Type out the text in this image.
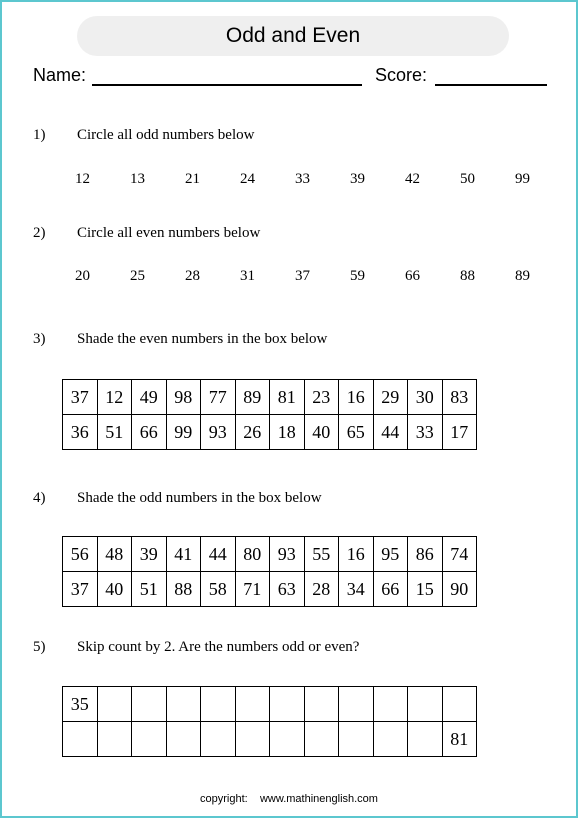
Odd and Even
Name:	Score:
1) Circle all odd numbers below
12	13	21	24	33	39	42	50	99
2) Circle all even numbers below
20	25	28	31	37	59	66	88	89
3) Shade the even numbers in the box below
37	12	49	98	77	89	81	23	16	29	30	83
36	51	66	99	93	26	18	40	65	44	33	17
4) Shade the odd numbers in the box below
56	48	39	41	44	80	93	55	16	95	86	74
37	40	51	88	58	71	63	28	34	66	15	90
5) Skip count by 2. Are the numbers odd or even?
35											
											81
copyright: www.mathinenglish.com
